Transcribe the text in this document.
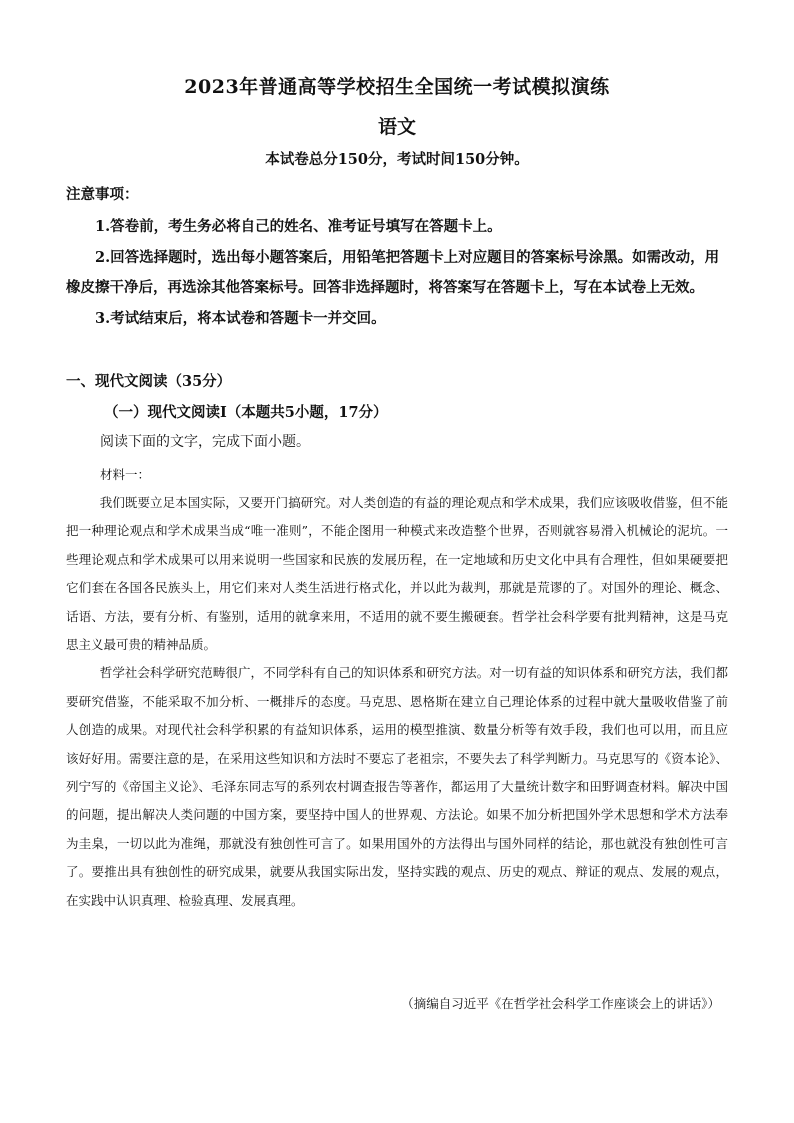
2023年普通高等学校招生全国统一考试模拟演练
语文
本试卷总分150分，考试时间150分钟。
注意事项：

1.答卷前，考生务必将自己的姓名、准考证号填写在答题卡上。

2.回答选择题时，选出每小题答案后，用铅笔把答题卡上对应题目的答案标号涂黑。如需改动，用橡皮擦干净后，再选涂其他答案标号。回答非选择题时，将答案写在答题卡上，写在本试卷上无效。

3.考试结束后，将本试卷和答题卡一并交回。

一、现代文阅读（35分）
（一）现代文阅读Ⅰ（本题共5小题，17分）
阅读下面的文字，完成下面小题。
材料一：

我们既要立足本国实际，又要开门搞研究。对人类创造的有益的理论观点和学术成果，我们应该吸收借鉴，但不能把一种理论观点和学术成果当成“唯一准则”，不能企图用一种模式来改造整个世界，否则就容易滑入机械论的泥坑。一些理论观点和学术成果可以用来说明一些国家和民族的发展历程，在一定地域和历史文化中具有合理性，但如果硬要把它们套在各国各民族头上，用它们来对人类生活进行格式化，并以此为裁判，那就是荒谬的了。对国外的理论、概念、话语、方法，要有分析、有鉴别，适用的就拿来用，不适用的就不要生搬硬套。哲学社会科学要有批判精神，这是马克思主义最可贵的精神品质。

哲学社会科学研究范畴很广，不同学科有自己的知识体系和研究方法。对一切有益的知识体系和研究方法，我们都要研究借鉴，不能采取不加分析、一概排斥的态度。马克思、恩格斯在建立自己理论体系的过程中就大量吸收借鉴了前人创造的成果。对现代社会科学积累的有益知识体系，运用的模型推演、数量分析等有效手段，我们也可以用，而且应该好好用。需要注意的是，在采用这些知识和方法时不要忘了老祖宗，不要失去了科学判断力。马克思写的《资本论》、列宁写的《帝国主义论》、毛泽东同志写的系列农村调查报告等著作，都运用了大量统计数字和田野调查材料。解决中国的问题，提出解决人类问题的中国方案，要坚持中国人的世界观、方法论。如果不加分析把国外学术思想和学术方法奉为圭臬，一切以此为准绳，那就没有独创性可言了。如果用国外的方法得出与国外同样的结论，那也就没有独创性可言了。要推出具有独创性的研究成果，就要从我国实际出发，坚持实践的观点、历史的观点、辩证的观点、发展的观点，在实践中认识真理、检验真理、发展真理。

（摘编自习近平《在哲学社会科学工作座谈会上的讲话》）
